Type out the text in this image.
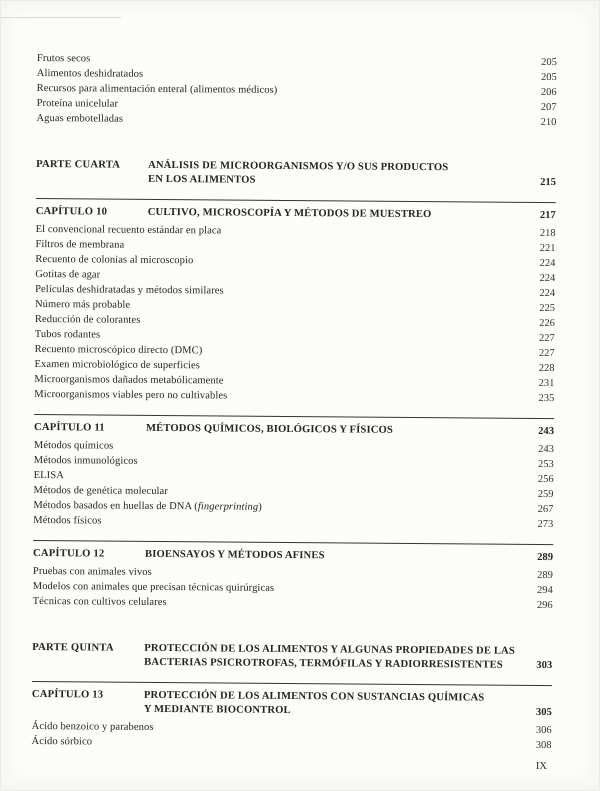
Frutos secos	205
Alimentos deshidratados	205
Recursos para alimentación enteral (alimentos médicos)	206
Proteína unicelular	207
Aguas embotelladas	210
PARTE CUARTA	ANÁLISIS DE MICROORGANISMOS Y/O SUS PRODUCTOS
EN LOS ALIMENTOS	215
CAPÍTULO 10	CULTIVO, MICROSCOPÍA Y MÉTODOS DE MUESTREO	217
El convencional recuento estándar en placa	218
Filtros de membrana	221
Recuento de colonias al microscopio	224
Gotitas de agar	224
Películas deshidratadas y métodos similares	224
Número más probable	225
Reducción de colorantes	226
Tubos rodantes	227
Recuento microscópico directo (DMC)	227
Examen microbiológico de superficies	228
Microorganismos dañados metabólicamente	231
Microorganismos viables pero no cultivables	235
CAPÍTULO 11	MÉTODOS QUÍMICOS, BIOLÓGICOS Y FÍSICOS	243
Métodos químicos	243
Métodos inmunológicos	253
ELISA	256
Métodos de genética molecular	259
Métodos basados en huellas de DNA (fingerprinting)	267
Métodos físicos	273
CAPÍTULO 12	BIOENSAYOS Y MÉTODOS AFINES	289
Pruebas con animales vivos	289
Modelos con animales que precisan técnicas quirúrgicas	294
Técnicas con cultivos celulares	296
PARTE QUINTA	PROTECCIÓN DE LOS ALIMENTOS Y ALGUNAS PROPIEDADES DE LAS
BACTERIAS PSICROTROFAS, TERMÓFILAS Y RADIORRESISTENTES	303
CAPÍTULO 13	PROTECCIÓN DE LOS ALIMENTOS CON SUSTANCIAS QUÍMICAS
Y MEDIANTE BIOCONTROL	305
Ácido benzoico y parabenos	306
Ácido sórbico	308
IX
